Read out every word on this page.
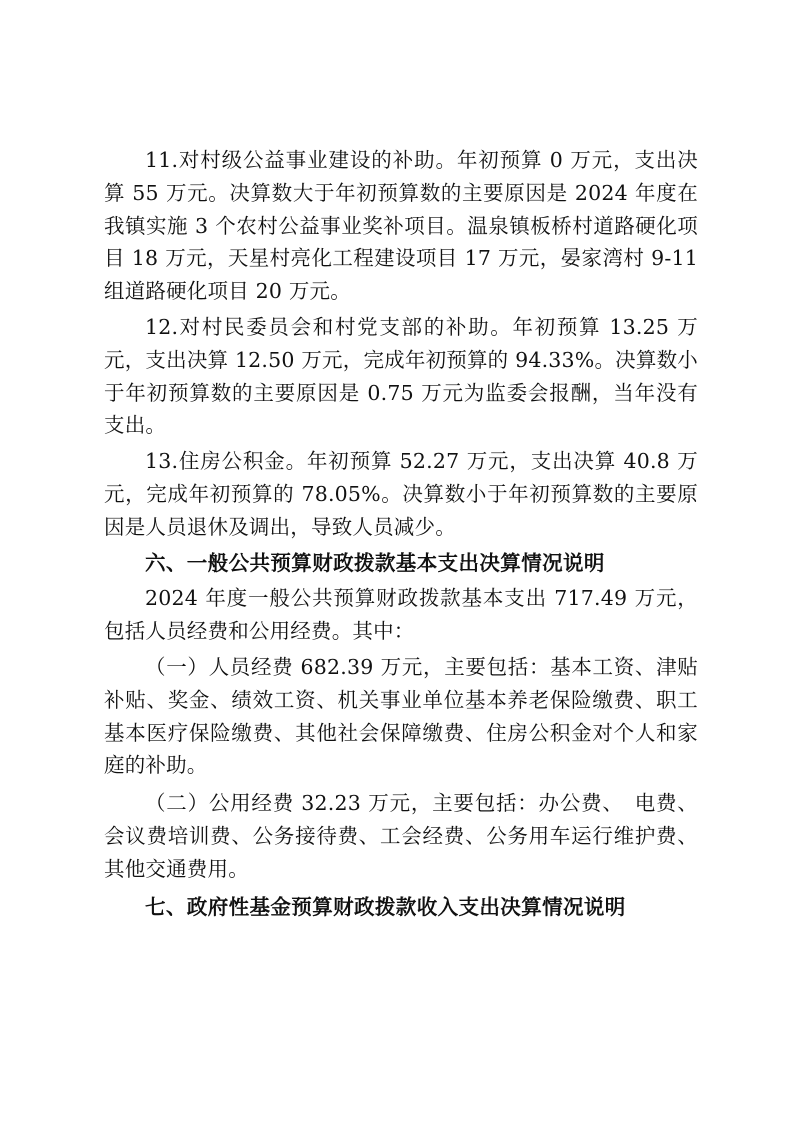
11.对村级公益事业建设的补助。年初预算 0 万元，支出决算 55 万元。决算数大于年初预算数的主要原因是 2024 年度在我镇实施 3 个农村公益事业奖补项目。温泉镇板桥村道路硬化项目 18 万元，天星村亮化工程建设项目 17 万元，晏家湾村 9-11 组道路硬化项目 20 万元。

12.对村民委员会和村党支部的补助。年初预算 13.25 万元，支出决算 12.50 万元，完成年初预算的 94.33%。决算数小于年初预算数的主要原因是 0.75 万元为监委会报酬，当年没有支出。

13.住房公积金。年初预算 52.27 万元，支出决算 40.8 万元，完成年初预算的 78.05%。决算数小于年初预算数的主要原因是人员退休及调出，导致人员减少。

六、一般公共预算财政拨款基本支出决算情况说明

2024 年度一般公共预算财政拨款基本支出 717.49 万元，包括人员经费和公用经费。其中：

（一）人员经费 682.39 万元，主要包括：基本工资、津贴补贴、奖金、绩效工资、机关事业单位基本养老保险缴费、职工基本医疗保险缴费、其他社会保障缴费、住房公积金对个人和家庭的补助。

（二）公用经费 32.23 万元，主要包括：办公费、　电费、会议费培训费、公务接待费、工会经费、公务用车运行维护费、其他交通费用。

七、政府性基金预算财政拨款收入支出决算情况说明
